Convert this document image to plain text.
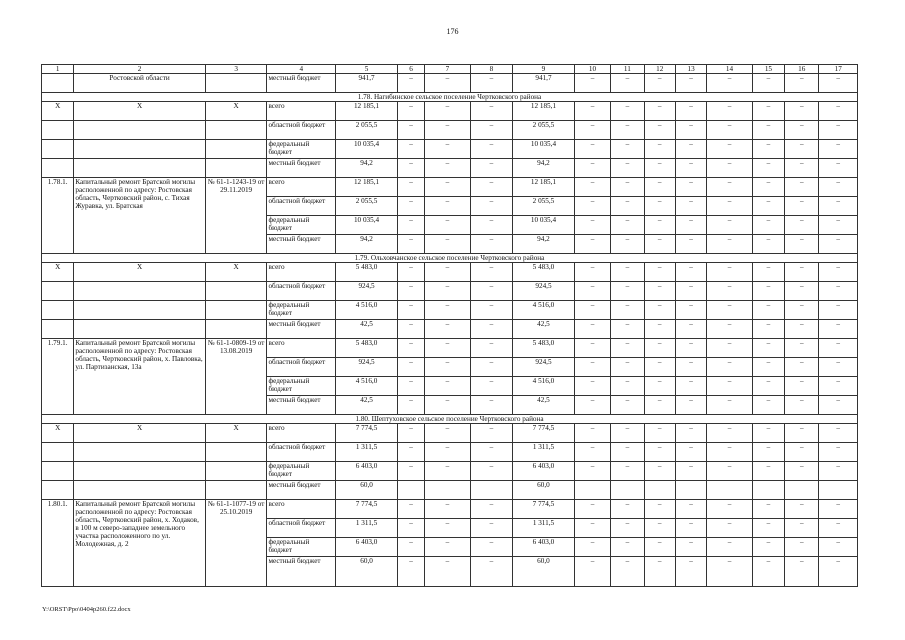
176
1	2	3	4	5	6	7	8	9	10	11	12	13	14	15	16	17
	Ростовской области		местный бюджет	941,7	–	–	–	941,7	–	–	–	–	–	–	–	–
1.78. Нагибинское сельское поселение Чертковского района																
Х	Х	Х	всего	12 185,1	–	–	–	12 185,1	–	–	–	–	–	–	–	–
			областной бюджет	2 055,5	–	–	–	2 055,5	–	–	–	–	–	–	–	–
			федеральный бюджет	10 035,4	–	–	–	10 035,4	–	–	–	–	–	–	–	–
			местный бюджет	94,2	–	–	–	94,2	–	–	–	–	–	–	–	–
1.78.1.	Капитальный ремонт Братской могилы расположенной по адресу: Ростовская область, Чертковский район, с. Тихая Журавка, ул. Братская	№ 61-1-1243-19 от 29.11.2019	всего	12 185,1	–	–	–	12 185,1	–	–	–	–	–	–	–	–
			областной бюджет	2 055,5	–	–	–	2 055,5	–	–	–	–	–	–	–	–
			федеральный бюджет	10 035,4	–	–	–	10 035,4	–	–	–	–	–	–	–	–
			местный бюджет	94,2	–	–	–	94,2	–	–	–	–	–	–	–	–
1.79. Ольховчанское сельское поселение Чертковского района																
Х	Х	Х	всего	5 483,0	–	–	–	5 483,0	–	–	–	–	–	–	–	–
			областной бюджет	924,5	–	–	–	924,5	–	–	–	–	–	–	–	–
			федеральный бюджет	4 516,0	–	–	–	4 516,0	–	–	–	–	–	–	–	–
			местный бюджет	42,5	–	–	–	42,5	–	–	–	–	–	–	–	–
1.79.1.	Капитальный ремонт Братской могилы расположенной по адресу: Ростовская область, Чертковский район, х. Павловка, ул. Партизанская, 13а	№ 61-1-0809-19 от 13.08.2019	всего	5 483,0	–	–	–	5 483,0	–	–	–	–	–	–	–	–
			областной бюджет	924,5	–	–	–	924,5	–	–	–	–	–	–	–	–
			федеральный бюджет	4 516,0	–	–	–	4 516,0	–	–	–	–	–	–	–	–
			местный бюджет	42,5	–	–	–	42,5	–	–	–	–	–	–	–	–
1.80. Шептуховское сельское поселение Чертковского района																
Х	Х	Х	всего	7 774,5	–	–	–	7 774,5	–	–	–	–	–	–	–	–
			областной бюджет	1 311,5	–	–	–	1 311,5	–	–	–	–	–	–	–	–
			федеральный бюджет	6 403,0	–	–	–	6 403,0	–	–	–	–	–	–	–	–
			местный бюджет	60,0				60,0								
1.80.1.	Капитальный ремонт Братской могилы расположенной по адресу: Ростовская область, Чертковский район, х. Ходаков, в 100 м северо-западнее земельного участка расположенного по ул. Молодежная, д. 2	№ 61-1-1077-19 от 25.10.2019	всего	7 774,5	–	–	–	7 774,5	–	–	–	–	–	–	–	–
			областной бюджет	1 311,5	–	–	–	1 311,5	–	–	–	–	–	–	–	–
			федеральный бюджет	6 403,0	–	–	–	6 403,0	–	–	–	–	–	–	–	–
			местный бюджет	60,0	–	–	–	60,0	–	–	–	–	–	–	–	–
Y:\ORST\Ppo\0404p260.f22.docx
